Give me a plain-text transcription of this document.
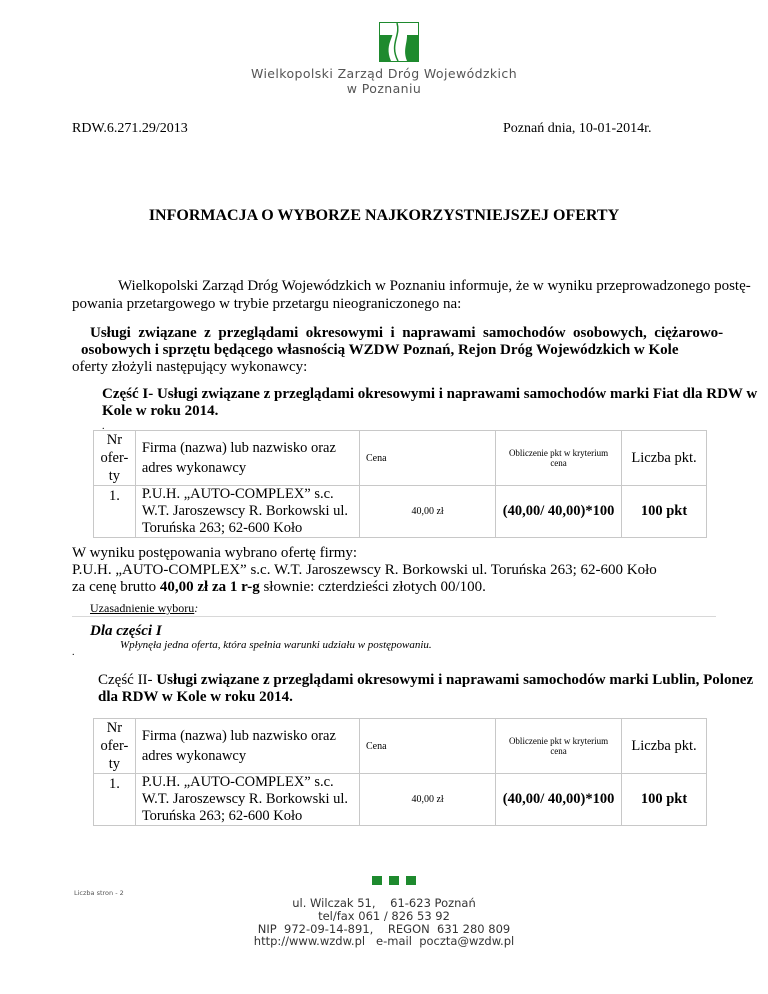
Wielkopolski Zarząd Dróg Wojewódzkich
w Poznaniu
RDW.6.271.29/2013	Poznań dnia, 10-01-2014r.
INFORMACJA O WYBORZE NAJKORZYSTNIEJSZEJ OFERTY
Wielkopolski Zarząd Dróg Wojewódzkich w Poznaniu informuje, że w wyniku przeprowadzonego postę-
powania przetargowego w trybie przetargu nieograniczonego na:
Usługi  związane  z  przeglądami  okresowymi  i  naprawami  samochodów  osobowych,  ciężarowo-
osobowych i sprzętu będącego własnością WZDW Poznań, Rejon Dróg Wojewódzkich w Kole
oferty złożyli następujący wykonawcy:
Część I- Usługi związane z przeglądami okresowymi i naprawami samochodów marki Fiat dla RDW w
Kole w roku 2014.
.
Nr ofer-ty	Firma (nazwa) lub nazwisko oraz adres wykonawcy	Cena	Obliczenie pkt w kryterium cena	Liczba pkt.
1.	P.U.H. „AUTO-COMPLEX” s.c. W.T. Jaroszewscy R. Borkowski ul. Toruńska 263; 62-600 Koło	40,00 zł	(40,00/ 40,00)*100	100 pkt
W wyniku postępowania wybrano ofertę firmy:
P.U.H. „AUTO-COMPLEX” s.c. W.T. Jaroszewscy R. Borkowski ul. Toruńska 263; 62-600 Koło
za cenę brutto 40,00 zł za 1 r-g słownie: czterdzieści złotych 00/100.
Uzasadnienie wyboru:
Dla części I
Wpłynęła jedna oferta, która spełnia warunki udziału w postępowaniu.
.
Część II- Usługi związane z przeglądami okresowymi i naprawami samochodów marki Lublin, Polonez
dla RDW w Kole w roku 2014.
Nr ofer-ty	Firma (nazwa) lub nazwisko oraz adres wykonawcy	Cena	Obliczenie pkt w kryterium cena	Liczba pkt.
1.	P.U.H. „AUTO-COMPLEX” s.c. W.T. Jaroszewscy R. Borkowski ul. Toruńska 263; 62-600 Koło	40,00 zł	(40,00/ 40,00)*100	100 pkt
Liczba stron - 2
ul. Wilczak 51,    61-623 Poznań
tel/fax 061 / 826 53 92
NIP  972-09-14-891,    REGON  631 280 809
http://www.wzdw.pl   e-mail  poczta@wzdw.pl
